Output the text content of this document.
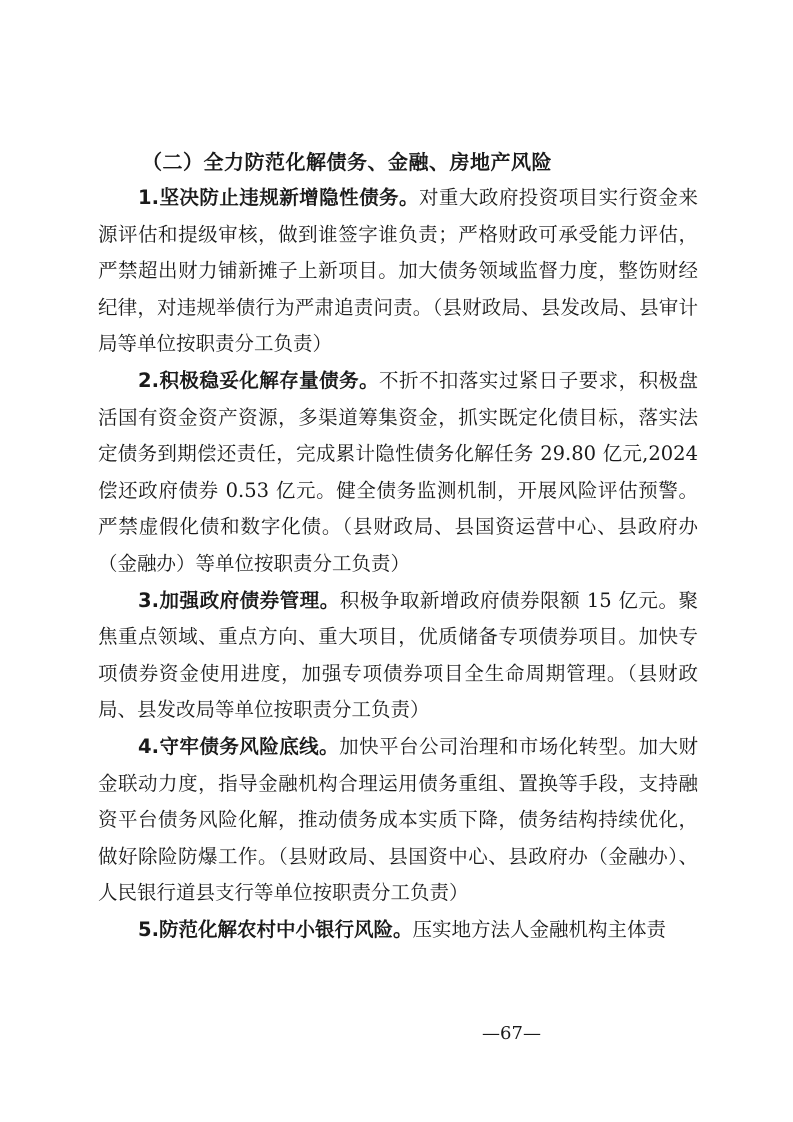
（二）全力防范化解债务、金融、房地产风险

1.坚决防止违规新增隐性债务。对重大政府投资项目实行资金来源评估和提级审核，做到谁签字谁负责；严格财政可承受能力评估，严禁超出财力铺新摊子上新项目。加大债务领域监督力度，整饬财经纪律，对违规举债行为严肃追责问责。（县财政局、县发改局、县审计局等单位按职责分工负责）

2.积极稳妥化解存量债务。不折不扣落实过紧日子要求，积极盘活国有资金资产资源，多渠道筹集资金，抓实既定化债目标，落实法定债务到期偿还责任，完成累计隐性债务化解任务 29.80 亿元,2024 偿还政府债券 0.53 亿元。健全债务监测机制，开展风险评估预警。严禁虚假化债和数字化债。（县财政局、县国资运营中心、县政府办（金融办）等单位按职责分工负责）

3.加强政府债券管理。积极争取新增政府债券限额 15 亿元。聚焦重点领域、重点方向、重大项目，优质储备专项债券项目。加快专项债券资金使用进度，加强专项债券项目全生命周期管理。（县财政局、县发改局等单位按职责分工负责）

4.守牢债务风险底线。加快平台公司治理和市场化转型。加大财金联动力度，指导金融机构合理运用债务重组、置换等手段，支持融资平台债务风险化解，推动债务成本实质下降，债务结构持续优化，做好除险防爆工作。（县财政局、县国资中心、县政府办（金融办）、人民银行道县支行等单位按职责分工负责）

5.防范化解农村中小银行风险。压实地方法人金融机构主体责

—67—
